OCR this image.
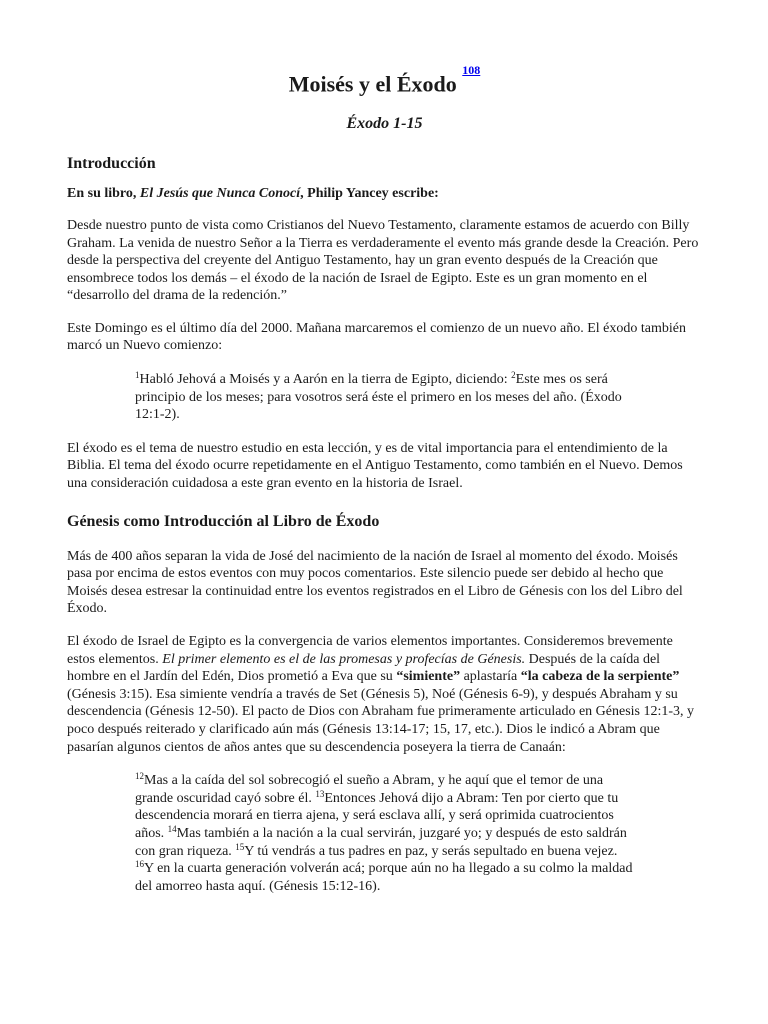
Moisés y el Éxodo $^{^{108}}$
Éxodo 1-15
Introducción

En su libro, El Jesús que Nunca Conocí, Philip Yancey escribe:

Desde nuestro punto de vista como Cristianos del Nuevo Testamento, claramente estamos de acuerdo con Billy Graham. La venida de nuestro Señor a la Tierra es verdaderamente el evento más grande desde la Creación. Pero desde la perspectiva del creyente del Antiguo Testamento, hay un gran evento después de la Creación que ensombrece todos los demás – el éxodo de la nación de Israel de Egipto. Este es un gran momento en el “desarrollo del drama de la redención.”

Este Domingo es el último día del 2000. Mañana marcaremos el comienzo de un nuevo año. El éxodo también marcó un Nuevo comienzo:

$^1$Habló Jehová a Moisés y a Aarón en la tierra de Egipto, diciendo: $^2$Este mes os será principio de los meses; para vosotros será éste el primero en los meses del año. (Éxodo 12:1-2).

El éxodo es el tema de nuestro estudio en esta lección, y es de vital importancia para el entendimiento de la Biblia. El tema del éxodo ocurre repetidamente en el Antiguo Testamento, como también en el Nuevo. Demos una consideración cuidadosa a este gran evento en la historia de Israel.

Génesis como Introducción al Libro de Éxodo

Más de 400 años separan la vida de José del nacimiento de la nación de Israel al momento del éxodo. Moisés pasa por encima de estos eventos con muy pocos comentarios. Este silencio puede ser debido al hecho que Moisés desea estresar la continuidad entre los eventos registrados en el Libro de Génesis con los del Libro del Éxodo.

El éxodo de Israel de Egipto es la convergencia de varios elementos importantes. Consideremos brevemente estos elementos. El primer elemento es el de las promesas y profecías de Génesis. Después de la caída del hombre en el Jardín del Edén, Dios prometió a Eva que su “simiente” aplastaría “la cabeza de la serpiente” (Génesis 3:15). Esa simiente vendría a través de Set (Génesis 5), Noé (Génesis 6-9), y después Abraham y su descendencia (Génesis 12-50). El pacto de Dios con Abraham fue primeramente articulado en Génesis 12:1-3, y poco después reiterado y clarificado aún más (Génesis 13:14-17; 15, 17, etc.). Dios le indicó a Abram que pasarían algunos cientos de años antes que su descendencia poseyera la tierra de Canaán:

$^{12}$Mas a la caída del sol sobrecogió el sueño a Abram, y he aquí que el temor de una grande oscuridad cayó sobre él. $^{13}$Entonces Jehová dijo a Abram: Ten por cierto que tu descendencia morará en tierra ajena, y será esclava allí, y será oprimida cuatrocientos años. $^{14}$Mas también a la nación a la cual servirán, juzgaré yo; y después de esto saldrán con gran riqueza. $^{15}$Y tú vendrás a tus padres en paz, y serás sepultado en buena vejez. $^{16}$Y en la cuarta generación volverán acá; porque aún no ha llegado a su colmo la maldad del amorreo hasta aquí. (Génesis 15:12-16).
